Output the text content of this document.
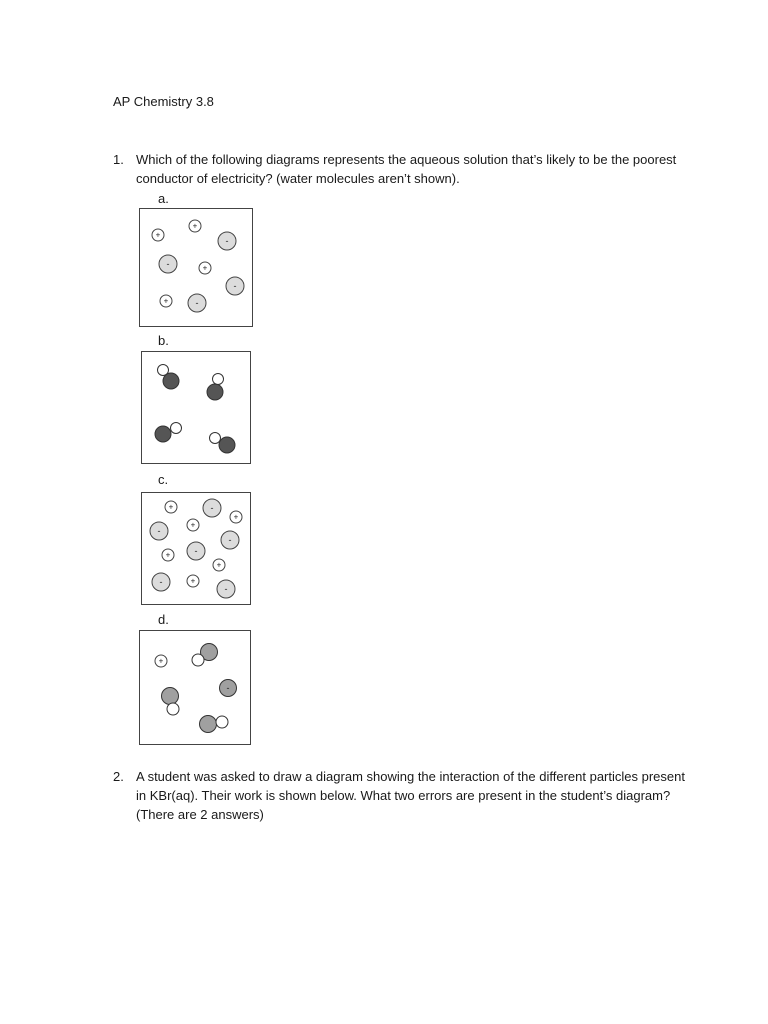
AP Chemistry 3.8
1. Which of the following diagrams represents the aqueous solution that’s likely to be the poorest conductor of electricity? (water molecules aren’t shown).
a.
+
+
-
-	+
-
+	-
b.
c.
+	-
+
-
+
-
+	-
+
-	+
-
d.
+
-
2. A student was asked to draw a diagram showing the interaction of the different particles present in KBr(aq). Their work is shown below. What two errors are present in the student’s diagram? (There are 2 answers)
